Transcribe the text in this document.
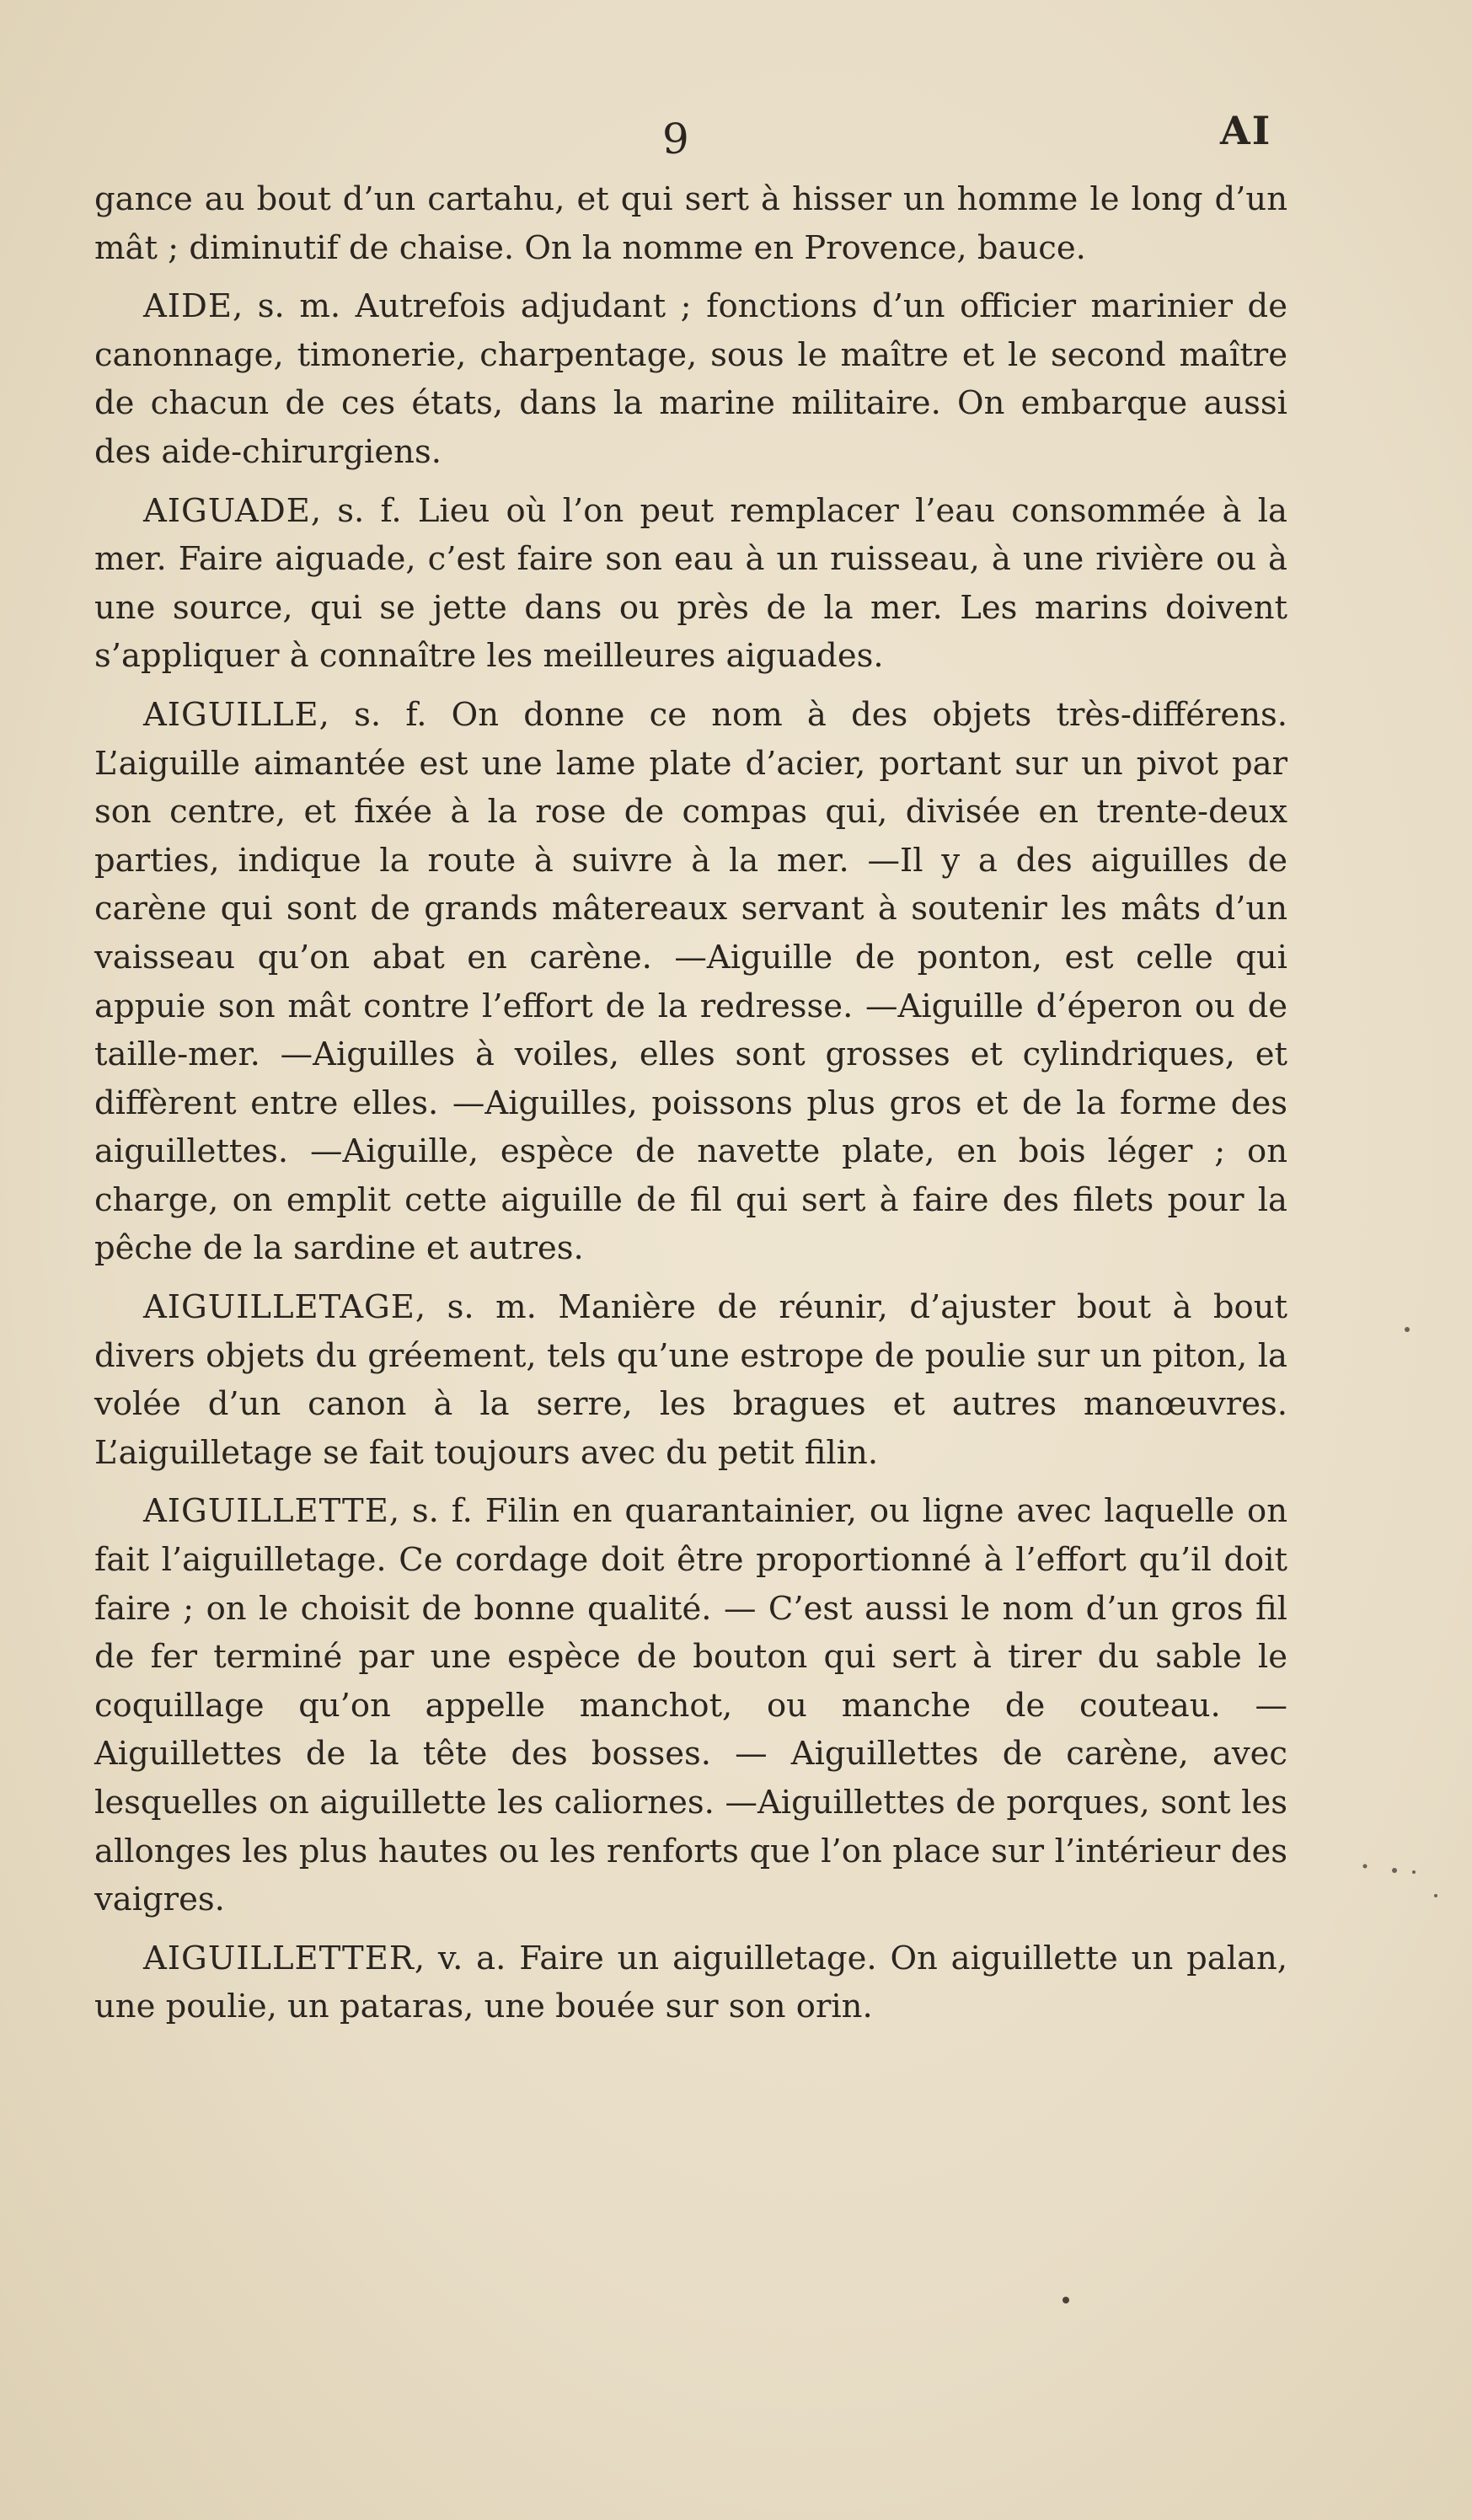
9	AI

gance au bout d’un cartahu, et qui sert à hisser un homme le long d’un mât ; diminutif de chaise. On la nomme en Provence, bauce.

AIDE, s. m. Autrefois adjudant ; fonctions d’un officier marinier de canonnage, timonerie, charpentage, sous le maître et le second maître de chacun de ces états, dans la marine militaire. On embarque aussi des aide-chirurgiens.

AIGUADE, s. f. Lieu où l’on peut remplacer l’eau consommée à la mer. Faire aiguade, c’est faire son eau à un ruisseau, à une rivière ou à une source, qui se jette dans ou près de la mer. Les marins doivent s’appliquer à connaître les meilleures aiguades.

AIGUILLE, s. f. On donne ce nom à des objets très-différens. L’aiguille aimantée est une lame plate d’acier, portant sur un pivot par son centre, et fixée à la rose de compas qui, divisée en trente-deux parties, indique la route à suivre à la mer. —Il y a des aiguilles de carène qui sont de grands mâtereaux servant à soutenir les mâts d’un vaisseau qu’on abat en carène. —Aiguille de ponton, est celle qui appuie son mât contre l’effort de la redresse. —Aiguille d’éperon ou de taille-mer. —Aiguilles à voiles, elles sont grosses et cylindriques, et diffèrent entre elles. —Aiguilles, poissons plus gros et de la forme des aiguillettes. —Aiguille, espèce de navette plate, en bois léger ; on charge, on emplit cette aiguille de fil qui sert à faire des filets pour la pêche de la sardine et autres.

AIGUILLETAGE, s. m. Manière de réunir, d’ajuster bout à bout divers objets du gréement, tels qu’une estrope de poulie sur un piton, la volée d’un canon à la serre, les bragues et autres manœuvres. L’aiguilletage se fait toujours avec du petit filin.

AIGUILLETTE, s. f. Filin en quarantainier, ou ligne avec laquelle on fait l’aiguilletage. Ce cordage doit être proportionné à l’effort qu’il doit faire ; on le choisit de bonne qualité. — C’est aussi le nom d’un gros fil de fer terminé par une espèce de bouton qui sert à tirer du sable le coquillage qu’on appelle manchot, ou manche de couteau. — Aiguillettes de la tête des bosses. — Aiguillettes de carène, avec lesquelles on aiguillette les caliornes. —Aiguillettes de porques, sont les allonges les plus hautes ou les renforts que l’on place sur l’intérieur des vaigres.

AIGUILLETTER, v. a. Faire un aiguilletage. On aiguillette un palan, une poulie, un pataras, une bouée sur son orin.
